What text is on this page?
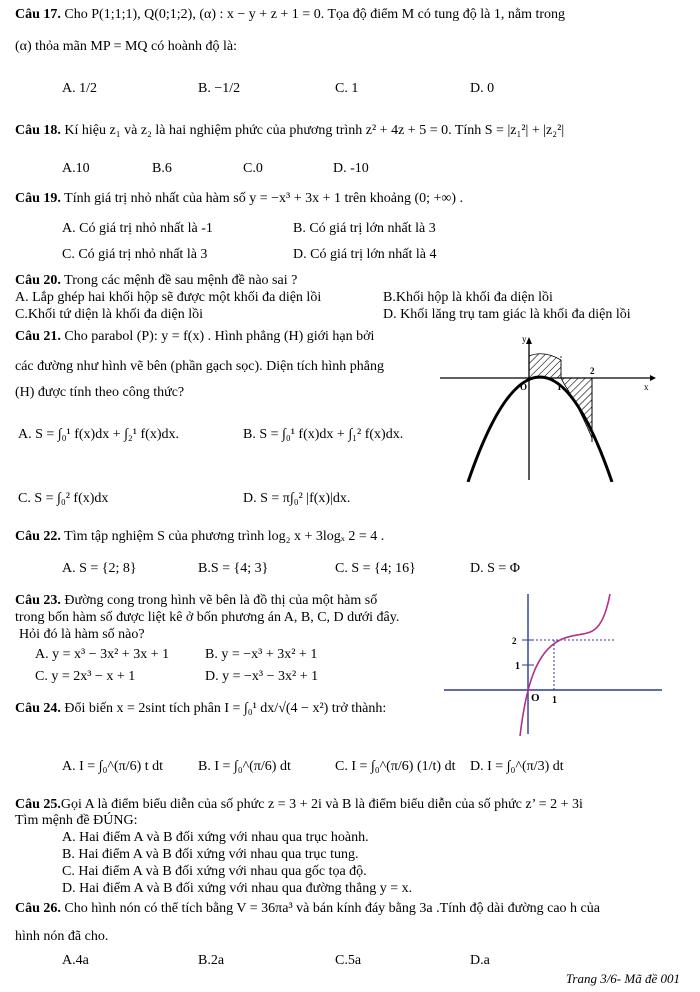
Câu 17. Cho P(1;1;1), Q(0;1;2), (α) : x − y + z + 1 = 0. Tọa độ điểm M có tung độ là 1, nằm trong
(α) thỏa mãn MP = MQ có hoành độ là:
A. 1/2	B. −1/2	C. 1	D. 0
Câu 18. Kí hiệu z₁ và z₂ là hai nghiệm phức của phương trình z² + 4z + 5 = 0. Tính S = |z₁²| + |z₂²|
A.10	B.6	C.0	D. -10
Câu 19. Tính giá trị nhỏ nhất của hàm số y = −x³ + 3x + 1 trên khoảng (0; +∞) .
A. Có giá trị nhỏ nhất là -1	B. Có giá trị lớn nhất là 3
C. Có giá trị nhỏ nhất là 3	D. Có giá trị lớn nhất là 4
Câu 20. Trong các mệnh đề sau mệnh đề nào sai ?
A. Lắp ghép hai khối hộp sẽ được một khối đa diện lồi	B.Khối hộp là khối đa diện lồi
C.Khối tứ diện là khối đa diện lồi	D. Khối lăng trụ tam giác là khối đa diện lồi
Câu 21. Cho parabol (P): y = f(x) . Hình phẳng (H) giới hạn bởi
các đường như hình vẽ bên (phần gạch sọc). Diện tích hình phẳng
(H) được tính theo công thức?
A. S = ∫₀¹ f(x)dx + ∫₂¹ f(x)dx.	B. S = ∫₀¹ f(x)dx + ∫₁² f(x)dx.
C. S = ∫₀² f(x)dx	D. S = π∫₀² |f(x)|dx.
y
x
O	1
2
Câu 22. Tìm tập nghiệm S của phương trình log₂ x + 3logₓ 2 = 4 .
A. S = {2; 8}	B.S = {4; 3}	C. S = {4; 16}	D. S = Φ
Câu 23. Đường cong trong hình vẽ bên là đồ thị của một hàm số
trong bốn hàm số được liệt kê ở bốn phương án A, B, C, D dưới đây.
Hỏi đó là hàm số nào?
A. y = x³ − 3x² + 3x + 1	B. y = −x³ + 3x² + 1
C. y = 2x³ − x + 1	D. y = −x³ − 3x² + 1
2
1
O 1
Câu 24. Đổi biến x = 2sint tích phân I = ∫₀¹ dx/√(4 − x²) trở thành:
A. I = ∫₀^(π/6) t dt B. I = ∫₀^(π/6) dt	C. I = ∫₀^(π/6) (1/t) dt D. I = ∫₀^(π/3) dt
Câu 25.Gọi A là điểm biểu diễn của số phức z = 3 + 2i và B là điểm biểu diễn của số phức z’ = 2 + 3i
Tìm mệnh đề ĐÚNG:
A. Hai điểm A và B đối xứng với nhau qua trục hoành.
B. Hai điểm A và B đối xứng với nhau qua trục tung.
C. Hai điểm A và B đối xứng với nhau qua gốc tọa độ.
D. Hai điểm A và B đối xứng với nhau qua đường thẳng y = x.
Câu 26. Cho hình nón có thể tích bằng V = 36πa³ và bán kính đáy bằng 3a .Tính độ dài đường cao h của
hình nón đã cho.
A.4a	B.2a	C.5a	D.a
Trang 3/6- Mã đề 001
